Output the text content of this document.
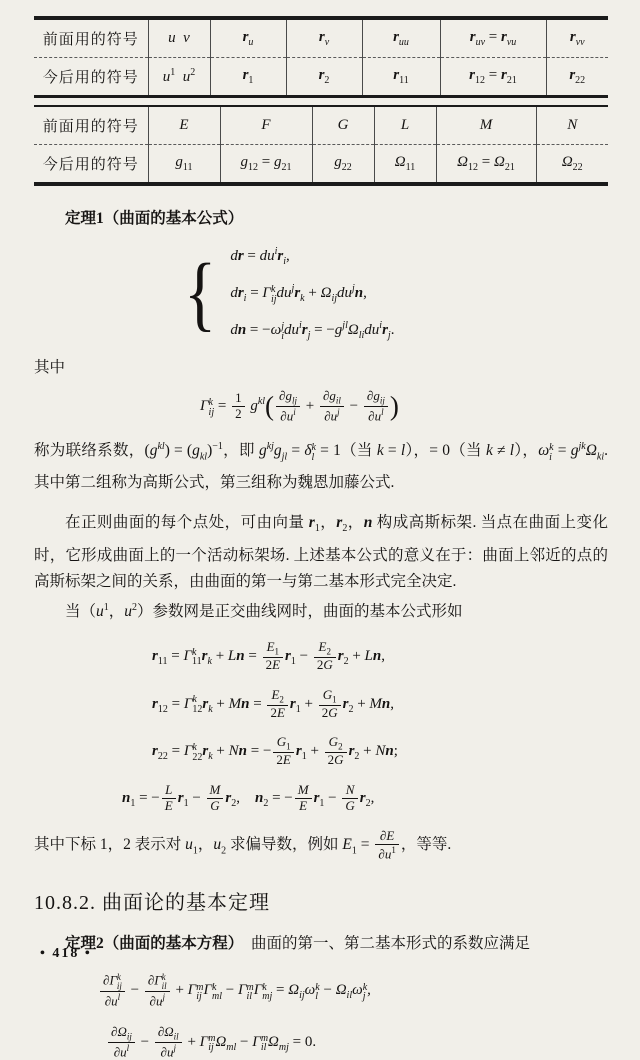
前面用的符号	u  v	$r_u$	$r_v$	$r_{uu}$	$r_{uv} = r_{vu}$	$r_{vv}$
今后用的符号	$u^1$  $u^2$	$r_1$	$r_2$	$r_{11}$	$r_{12} = r_{21}$	$r_{22}$
前面用的符号	E	F	G	L	M	N
今后用的符号	$g_{11}$	$g_{12} = g_{21}$	$g_{22}$	$\Omega_{11}$	$\Omega_{12} = \Omega_{21}$	$\Omega_{22}$

定理1（曲面的基本公式）

{ dr = $du^ir_i$,
$dr_i = \Gamma k$
$ijdu^jr_k + \Omega_{ij}du^jn$,
dn = −ωj
$idu^ir_j = -g^{jl}\Omega_{li}du^ir_j$.

其中

Γk
ij = $\frac{1}{2} g^{kl}$( $\partial g_{lj}$
$\partial u^i$ +
$\partial g_{il}$
$\partial u^j$ −
$\partial g_{ij}$
$\partial u^l$ )

称为联络系数，$(g^{kl}) = (g_{kl})^{-1}$，即 $g^{kj}g_{jl} = \delta k$
l = 1（当 k = l），= 0（当 k ≠ l），ωk
$i = g^{jk}\Omega_{ki}$. 其中第二组称为高斯公式，第三组称为魏恩加藤公式.

在正则曲面的每个点处，可由向量 $r_1$，$r_2$，n 构成高斯标架. 当点在曲面上变化时，它形成曲面上的一个活动标架场. 上述基本公式的意义在于：曲面上邻近的点的高斯标架之间的关系，由曲面的第一与第二基本形式完全决定.

当（$u^1$，$u^2$）参数网是正交曲线网时，曲面的基本公式形如

$r_{11} = \Gamma k$
$11r_k + Ln = \frac{E_1}{2E} r_1 - \frac{E_2}{2G} r_2 + Ln$,
$r_{12} = \Gamma k$
$12r_k + Mn = \frac{E_2}{2E} r_1 + \frac{G_1}{2G} r_2 + Mn$,
$r_{22} = \Gamma k$
$22r_k + Nn$ = − $\frac{G_1}{2E} r_1 + \frac{G_2}{2G} r_2 + Nn$;
$n_1$ = − $\frac{L}{E} r_1 - \frac{M}{G} r_2$, $n_2$ = − $\frac{M}{E} r_1 - \frac{N}{G} r_2$,

其中下标 1，2 表示对 $u_1$，$u_2$ 求偏导数，例如 $E_1 = \frac{\partial E}{\partial u^1}$ ，等等.

10.8.2. 曲面论的基本定理

定理2（曲面的基本方程）　 曲面的第一、第二基本形式的系数应满足

∂Γk
ij
$\partial u^l$ −
∂Γk
il
$\partial u^j + \Gamma m$
ij Γk
ml − Γm
il Γk
mj = $\Omega_{ij}\omega k$
$l - \Omega_{il}\omega k$
j ,
$\partial\Omega_{ij}$
$\partial u^l$ −
$\partial\Omega_{il}$
$\partial u^j + \Gamma m$
ij $\Omega_{ml} - \Gamma m$
il $\Omega_{mj} = 0$.
• 418 •
